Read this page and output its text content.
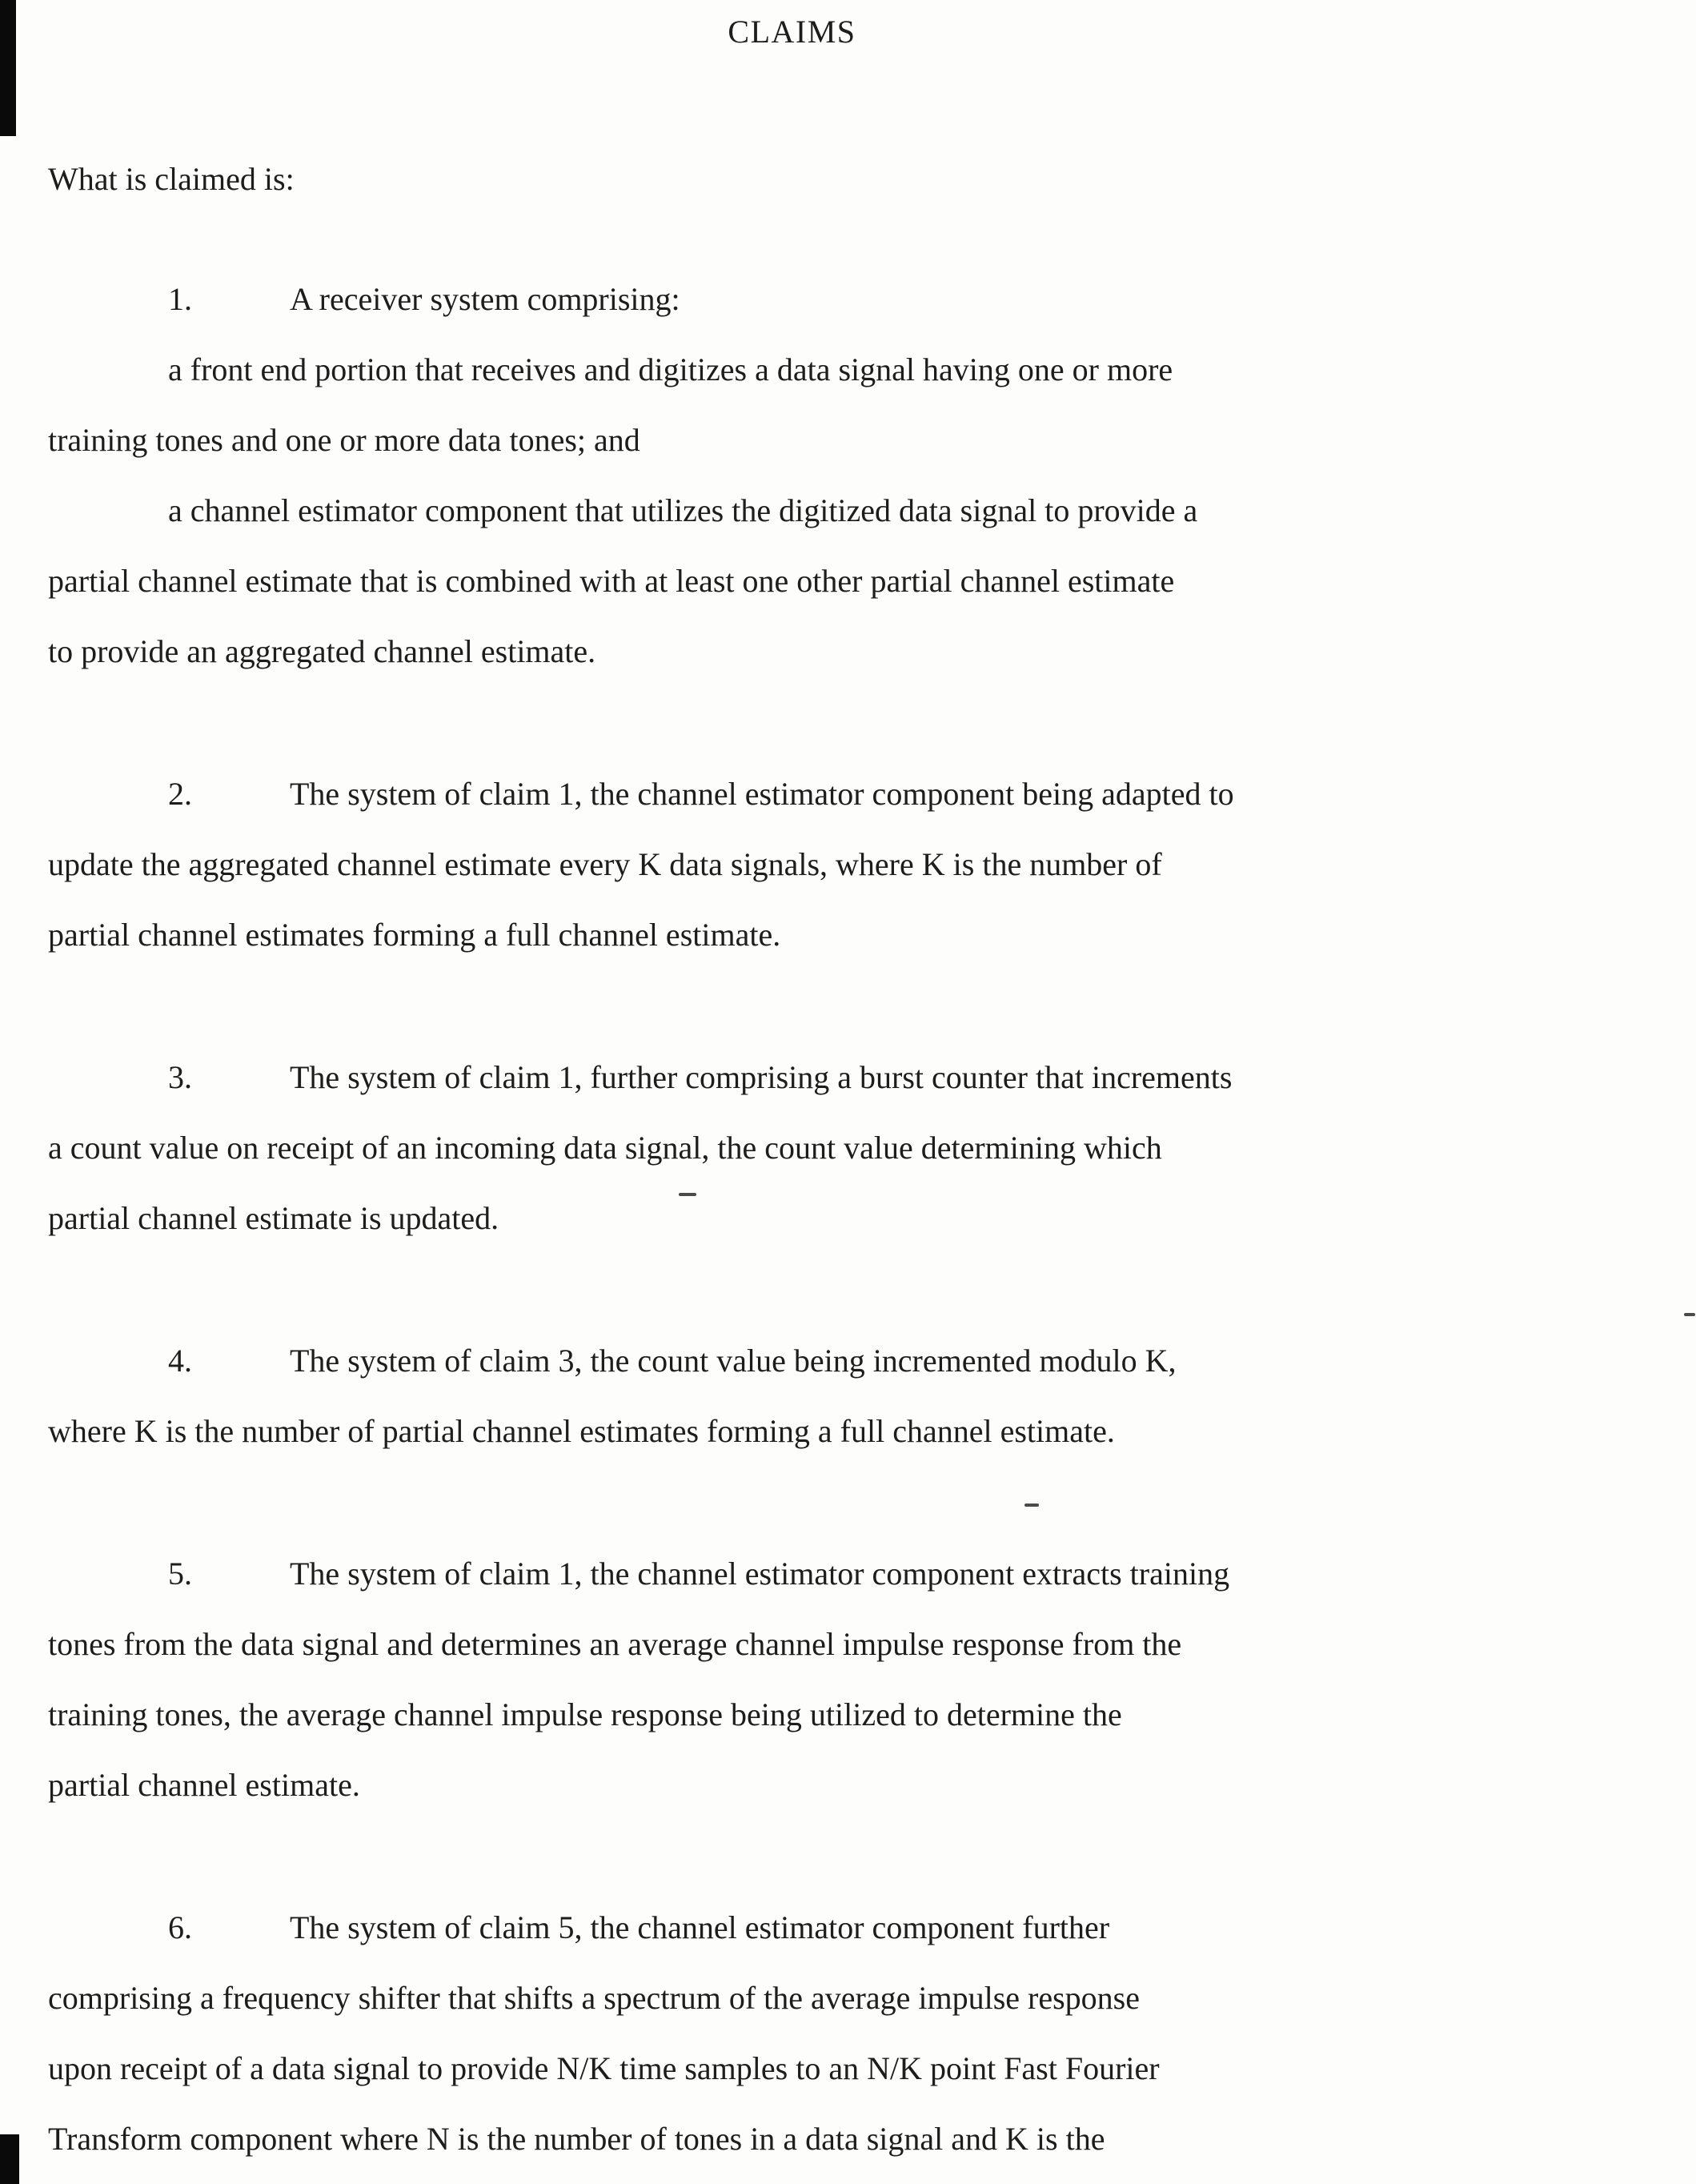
CLAIMS

What is claimed is:

1.	A receiver system comprising:

a front end portion that receives and digitizes a data signal having one or more
training tones and one or more data tones; and

a channel estimator component that utilizes the digitized data signal to provide a
partial channel estimate that is combined with at least one other partial channel estimate
to provide an aggregated channel estimate.

2.	The system of claim 1, the channel estimator component being adapted to
update the aggregated channel estimate every K data signals, where K is the number of
partial channel estimates forming a full channel estimate.

3.	The system of claim 1, further comprising a burst counter that increments
a count value on receipt of an incoming data signal, the count value determining which
partial channel estimate is updated.

4.	The system of claim 3, the count value being incremented modulo K,
where K is the number of partial channel estimates forming a full channel estimate.

5.	The system of claim 1, the channel estimator component extracts training
tones from the data signal and determines an average channel impulse response from the
training tones, the average channel impulse response being utilized to determine the
partial channel estimate.

6.	The system of claim 5, the channel estimator component further
comprising a frequency shifter that shifts a spectrum of the average impulse response
upon receipt of a data signal to provide N/K time samples to an N/K point Fast Fourier
Transform component where N is the number of tones in a data signal and K is the
